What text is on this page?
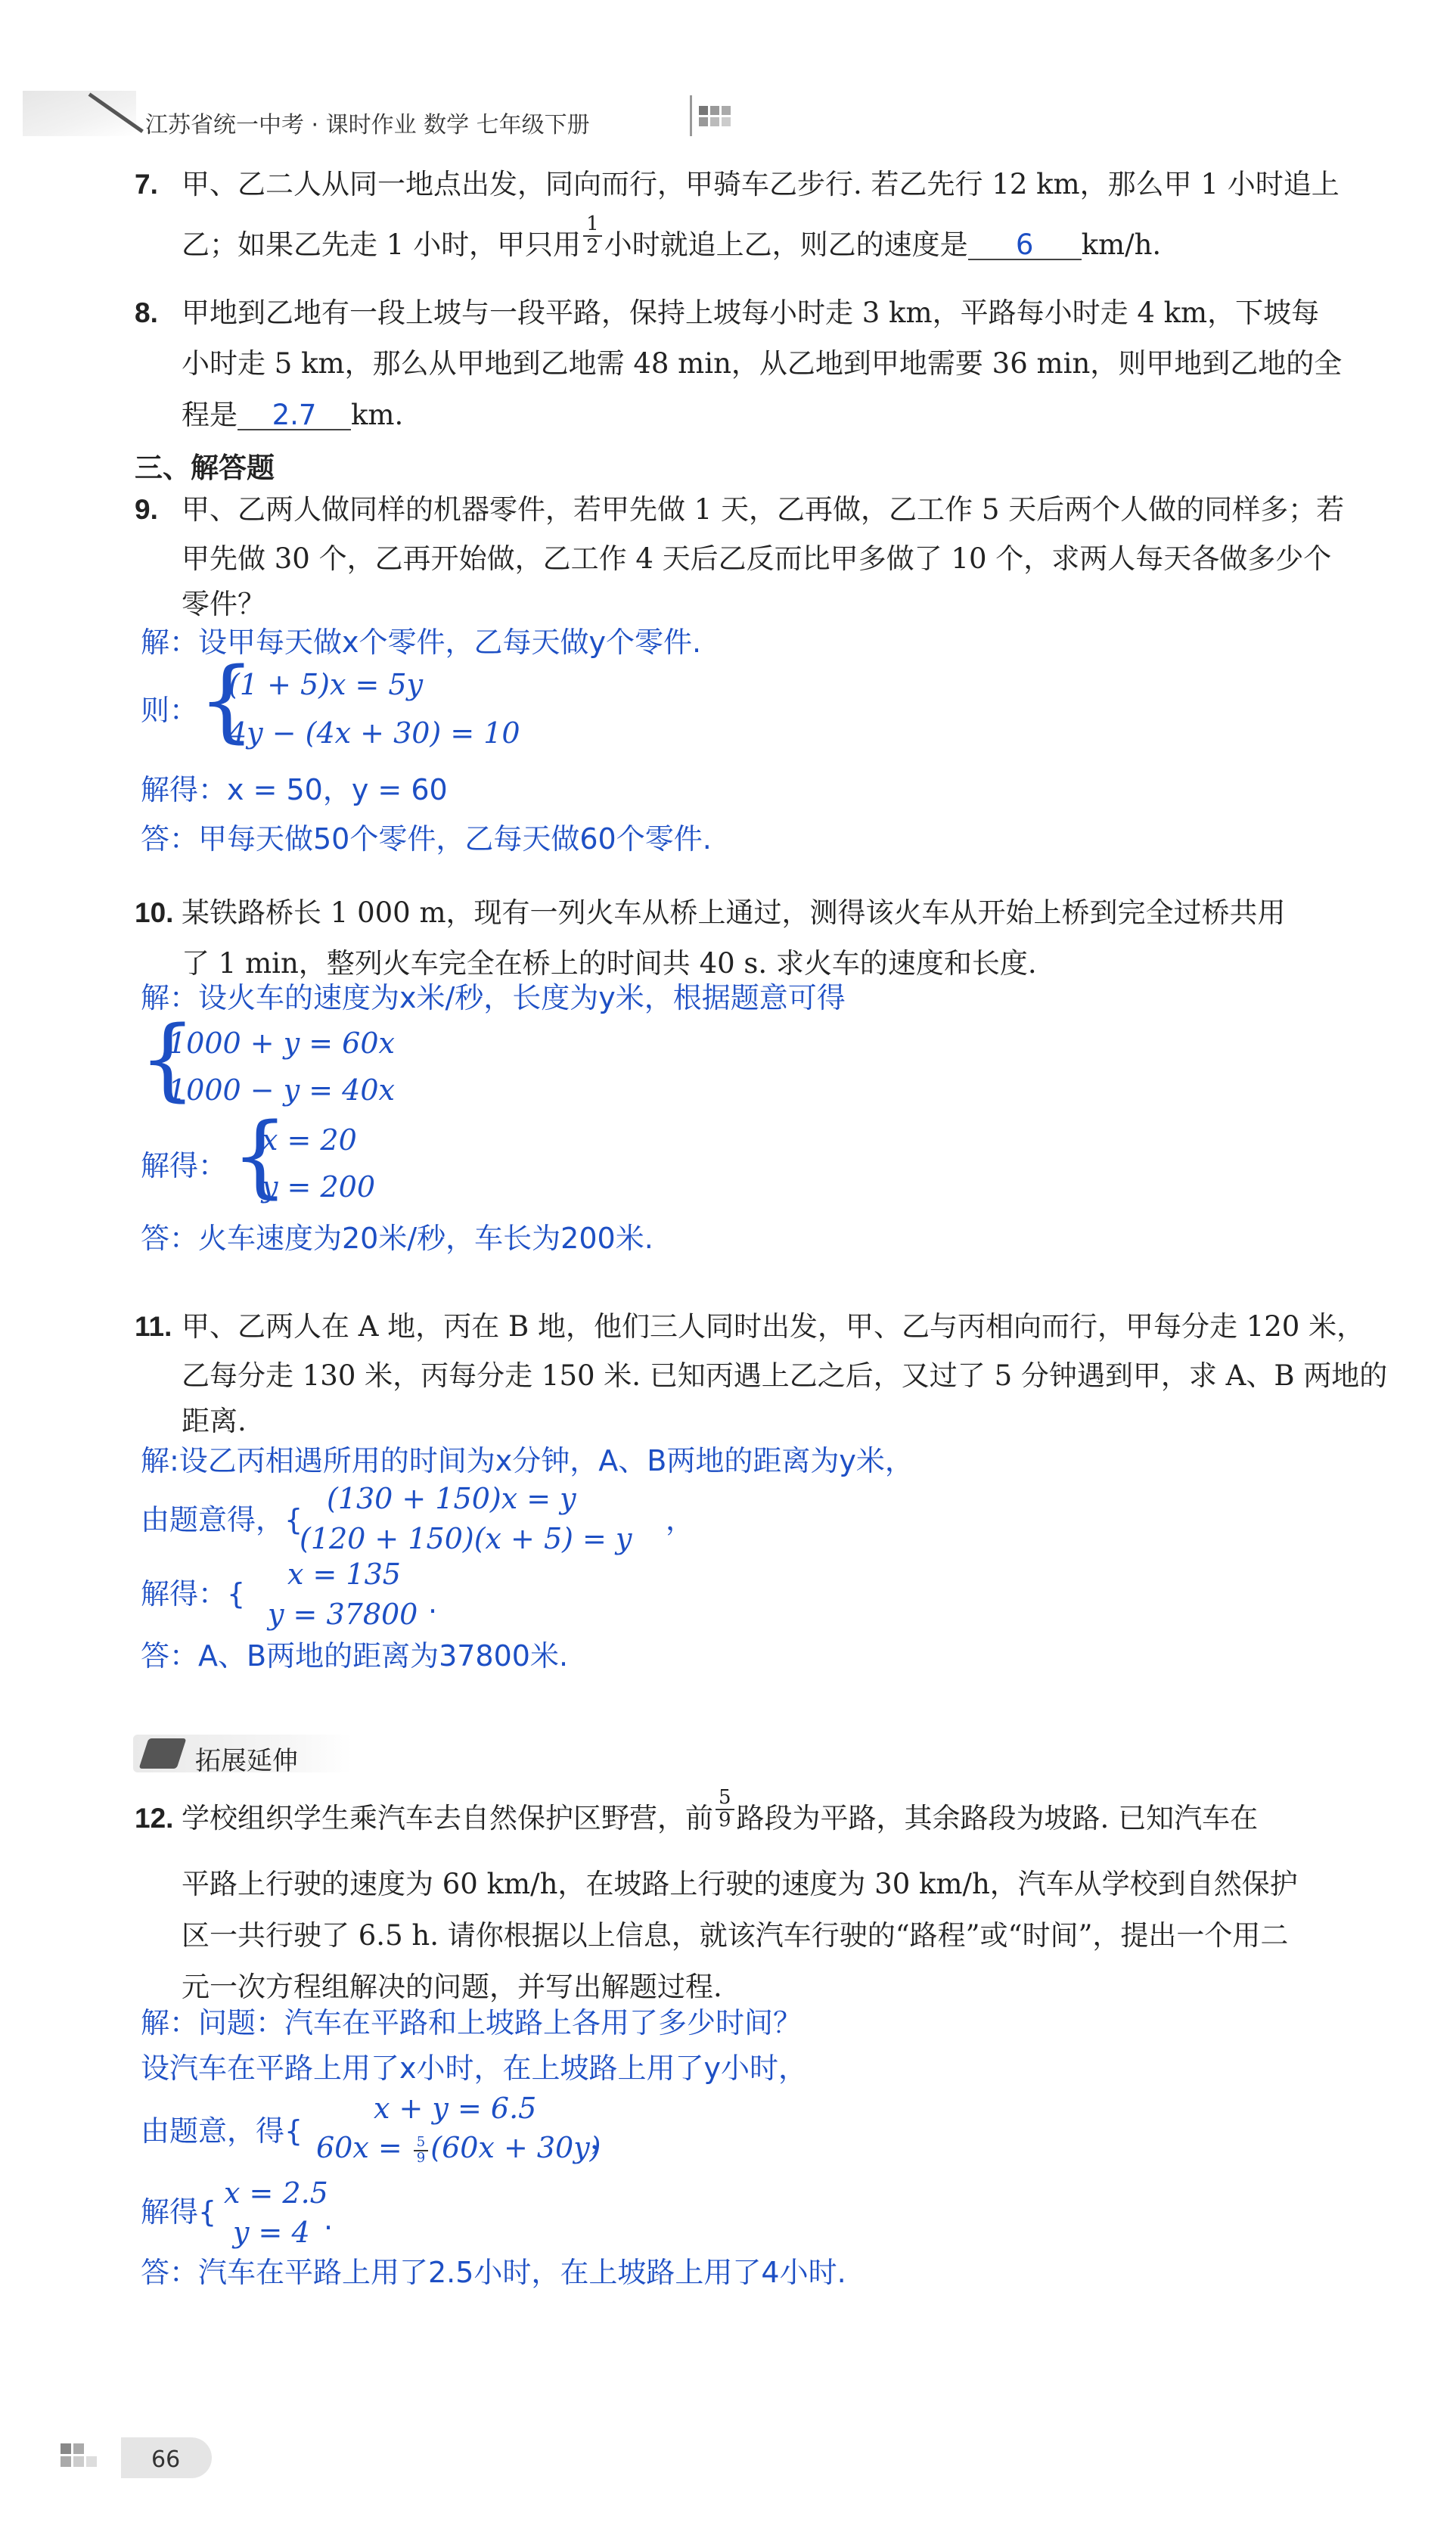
江苏省统一中考 · 课时作业 数学 七年级下册
7. 甲、乙二人从同一地点出发，同向而行，甲骑车乙步行. 若乙先行 12 km，那么甲 1 小时追上
乙；如果乙先走 1 小时，甲只用 $\frac{1}{2}$ 小时就追上乙，则乙的速度是 6 km/h.
8. 甲地到乙地有一段上坡与一段平路，保持上坡每小时走 3 km，平路每小时走 4 km，下坡每
小时走 5 km，那么从甲地到乙地需 48 min，从乙地到甲地需要 36 min，则甲地到乙地的全
程是 2.7 km.
三、解答题
9. 甲、乙两人做同样的机器零件，若甲先做 1 天，乙再做，乙工作 5 天后两个人做的同样多；若
甲先做 30 个，乙再开始做，乙工作 4 天后乙反而比甲多做了 10 个，求两人每天各做多少个
零件？
解：设甲每天做x个零件，乙每天做y个零件.
则： {
(1 + 5)x = 5y
4y − (4x + 30) = 10
解得：x = 50，y = 60
答：甲每天做50个零件，乙每天做60个零件.
10. 某铁路桥长 1 000 m，现有一列火车从桥上通过，测得该火车从开始上桥到完全过桥共用
了 1 min，整列火车完全在桥上的时间共 40 s. 求火车的速度和长度.
解：设火车的速度为x米/秒，长度为y米，根据题意可得
{
1000 + y = 60x
1000 − y = 40x
解得： {
x = 20
y = 200
答：火车速度为20米/秒，车长为200米.
11. 甲、乙两人在 A 地，丙在 B 地，他们三人同时出发，甲、乙与丙相向而行，甲每分走 120 米，
乙每分走 130 米，丙每分走 150 米. 已知丙遇上乙之后，又过了 5 分钟遇到甲，求 A、B 两地的
距离.
解:设乙丙相遇所用的时间为x分钟，A、B两地的距离为y米，
由题意得，{
(130 + 150)x = y
(120 + 150)(x + 5) = y
，
解得：{
x = 135
y = 37800 .
答：A、B两地的距离为37800米.
拓展延伸
12. 学校组织学生乘汽车去自然保护区野营，前 $\frac{5}{9}$ 路段为平路，其余路段为坡路. 已知汽车在
平路上行驶的速度为 60 km/h，在坡路上行驶的速度为 30 km/h，汽车从学校到自然保护
区一共行驶了 6.5 h. 请你根据以上信息，就该汽车行驶的“路程”或“时间”，提出一个用二
元一次方程组解决的问题，并写出解题过程.
解：问题：汽车在平路和上坡路上各用了多少时间？
设汽车在平路上用了x小时，在上坡路上用了y小时，
由题意，得{
x + y = 6.5
$60x = \frac{5}{9} (60x + 30y)$
，
解得{
x = 2.5
y = 4 .
答：汽车在平路上用了2.5小时，在上坡路上用了4小时.
66
